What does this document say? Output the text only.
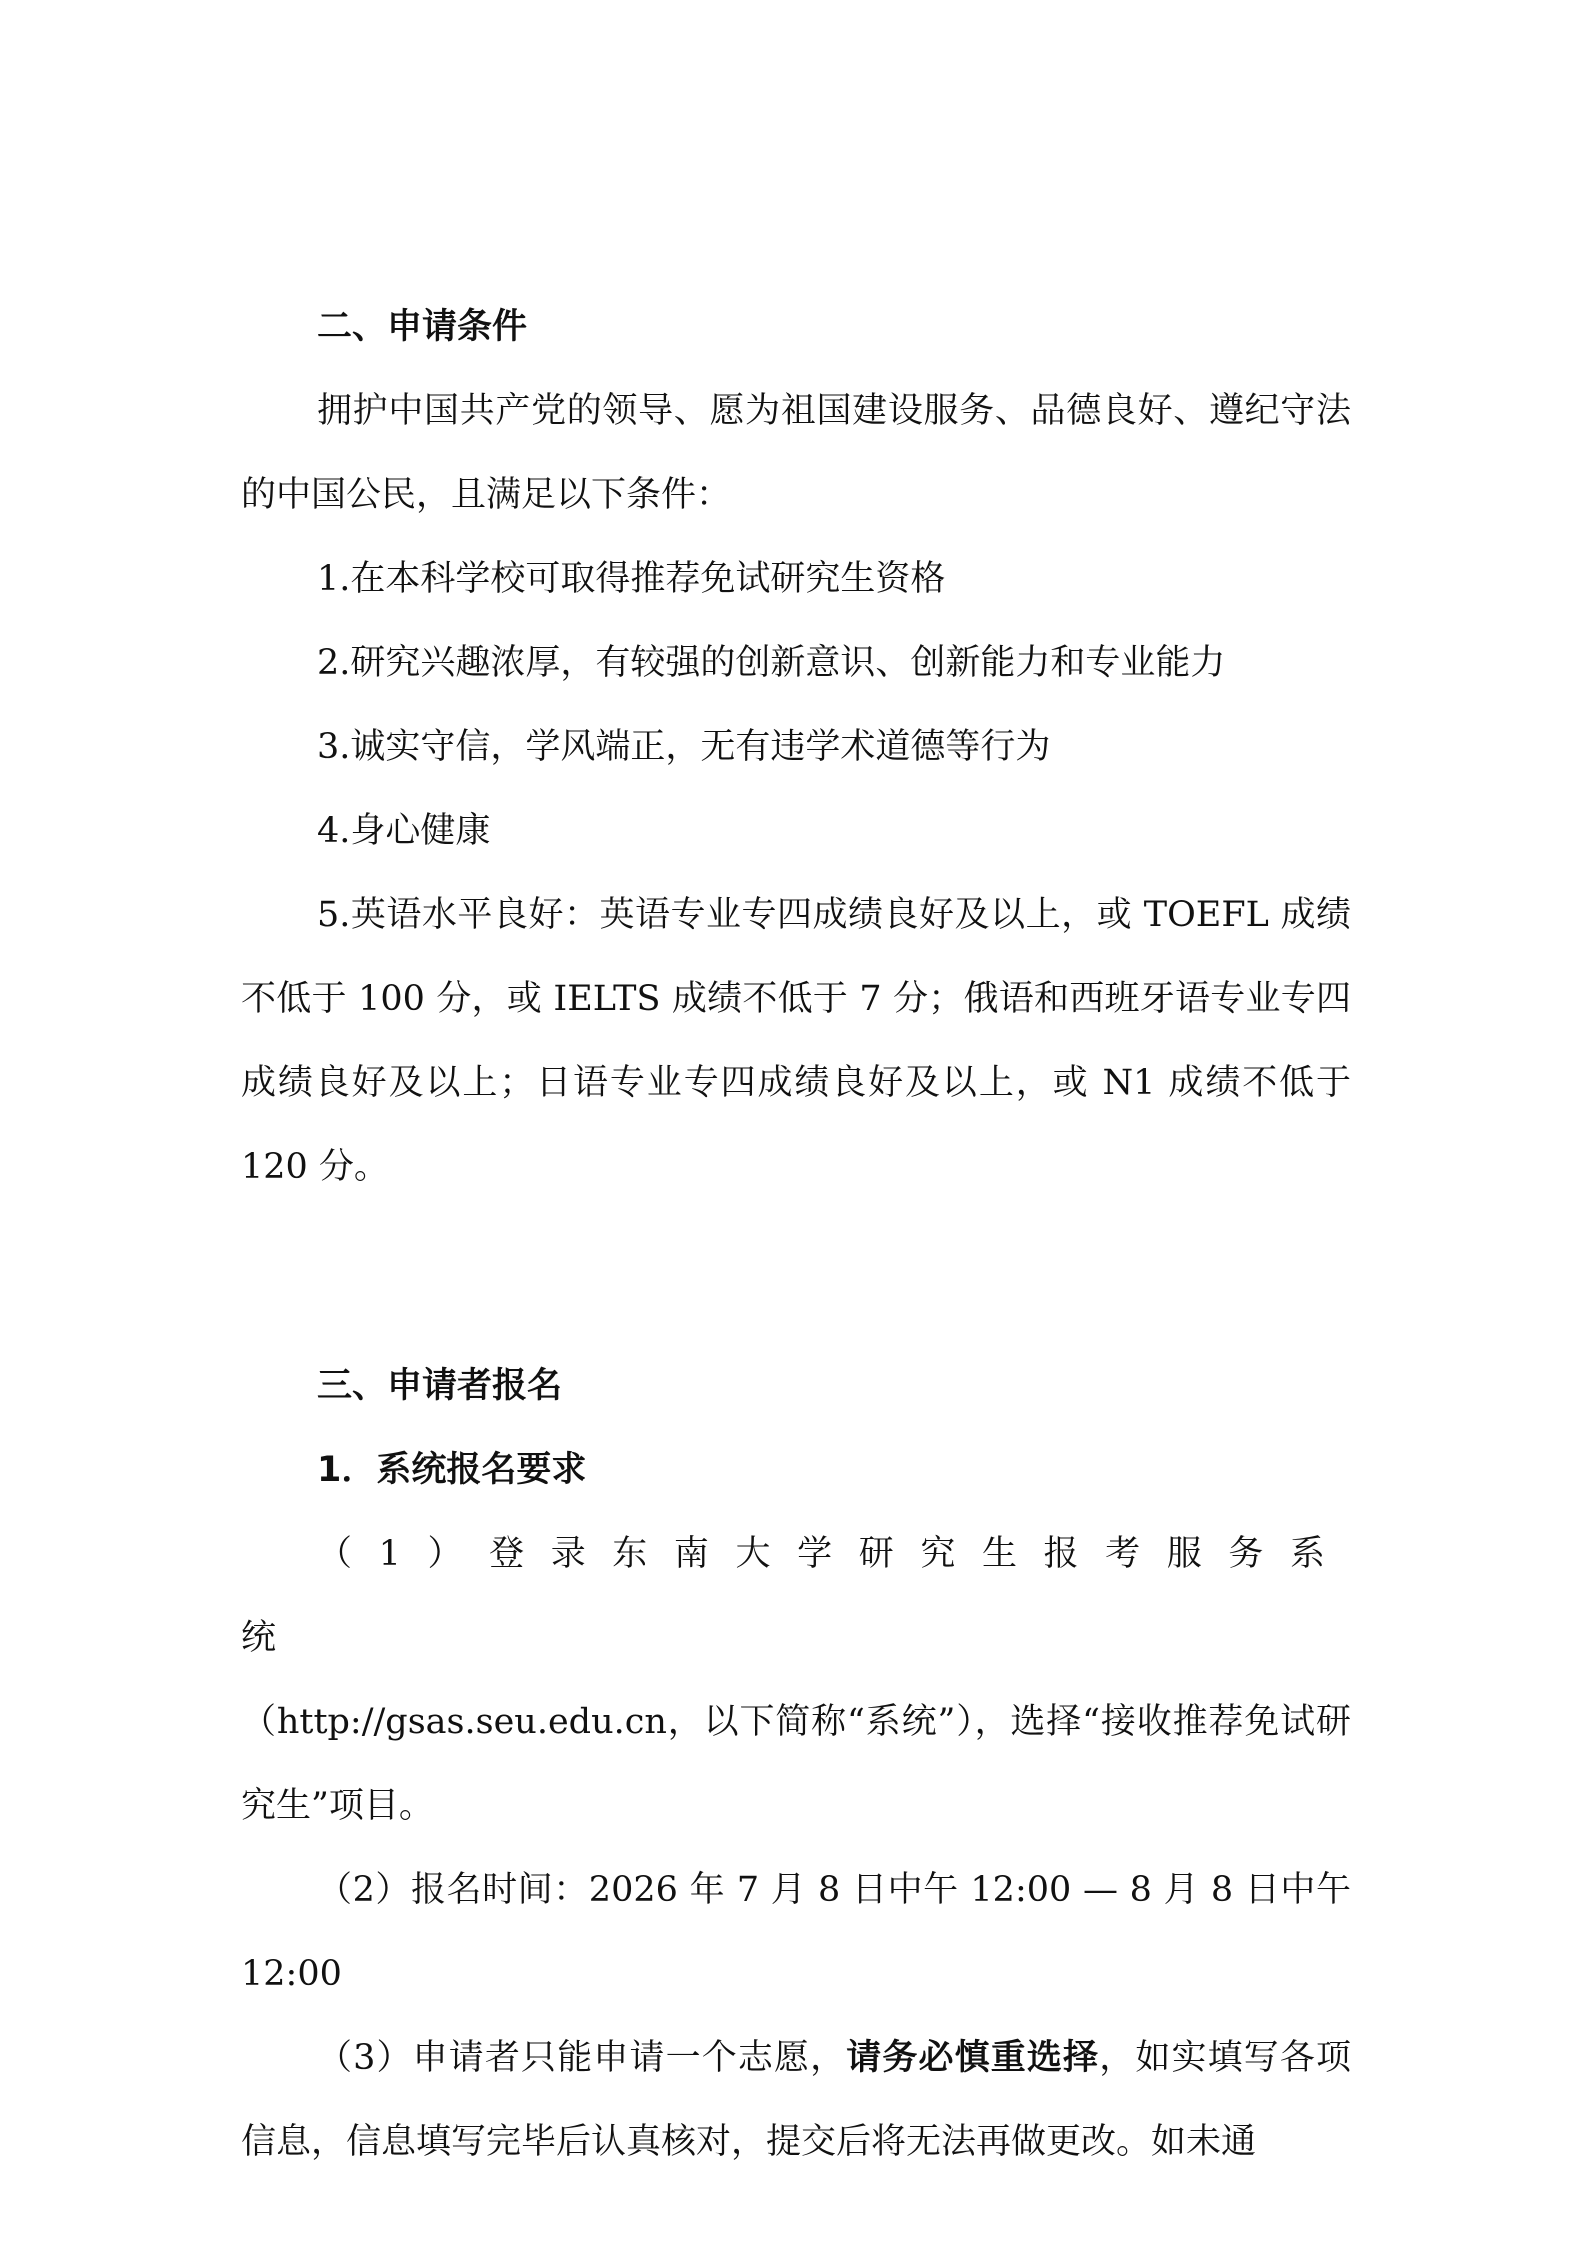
二、申请条件

拥护中国共产党的领导、愿为祖国建设服务、品德良好、遵纪守法的中国公民，且满足以下条件：

1.在本科学校可取得推荐免试研究生资格

2.研究兴趣浓厚，有较强的创新意识、创新能力和专业能力

3.诚实守信，学风端正，无有违学术道德等行为

4.身心健康

5.英语水平良好：英语专业专四成绩良好及以上，或 TOEFL 成绩不低于 100 分，或 IELTS 成绩不低于 7 分；俄语和西班牙语专业专四成绩良好及以上；日语专业专四成绩良好及以上，或 N1 成绩不低于 120 分。

三、申请者报名

1．系统报名要求

（1）登录东南大学研究生报考服务系统

（http://gsas.seu.edu.cn，以下简称“系统”），选择“接收推荐免试研究生”项目。

（2）报名时间：2026 年 7 月 8 日中午 12:00 — 8 月 8 日中午 12:00

（3）申请者只能申请一个志愿，请务必慎重选择，如实填写各项信息，信息填写完毕后认真核对，提交后将无法再做更改。如未通
